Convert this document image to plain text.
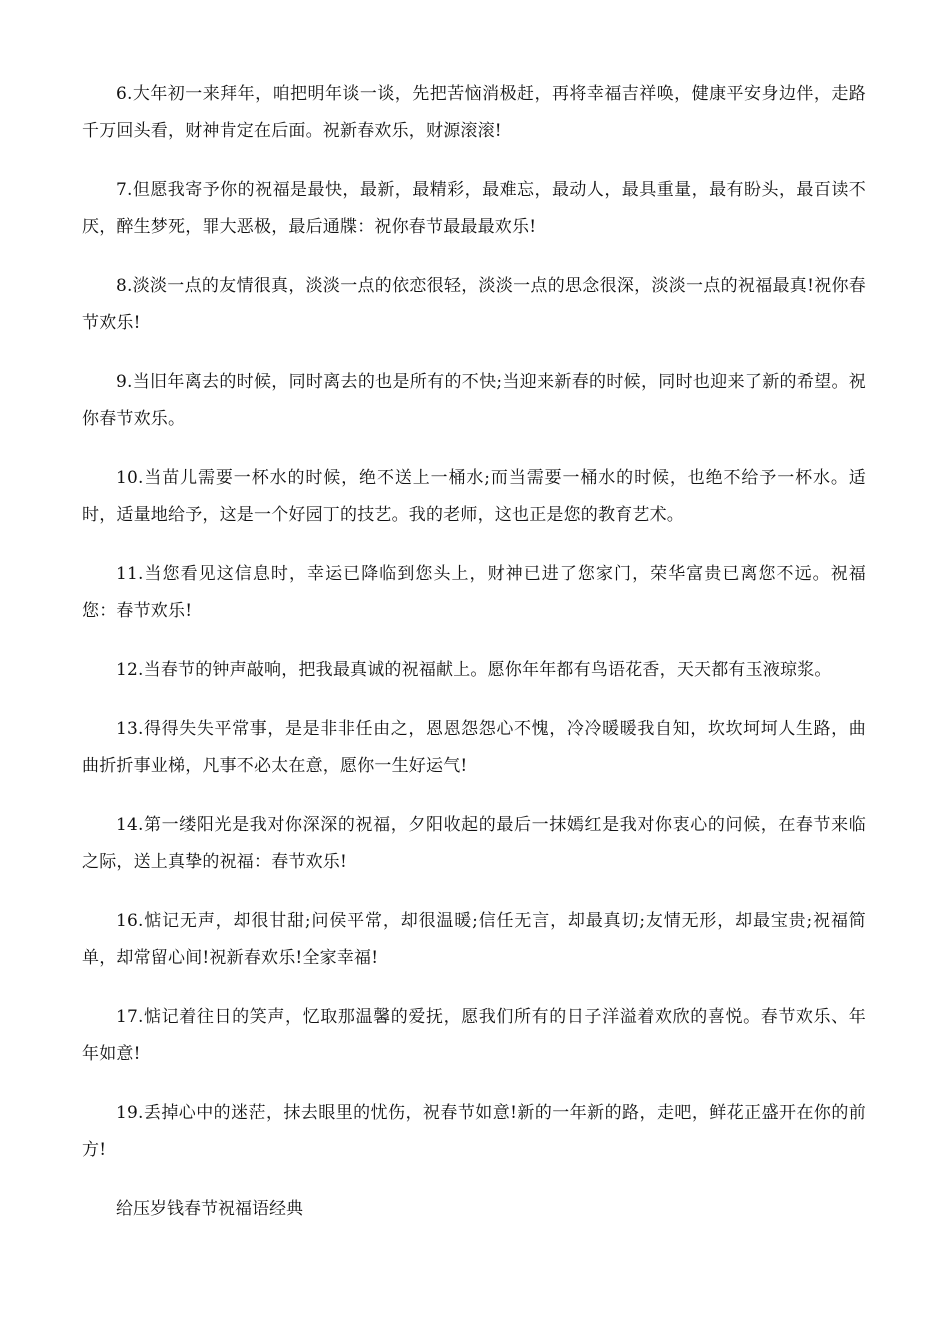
6.大年初一来拜年，咱把明年谈一谈，先把苦恼消极赶，再将幸福吉祥唤，健康平安身边伴，走路千万回头看，财神肯定在后面。祝新春欢乐，财源滚滚!

7.但愿我寄予你的祝福是最快，最新，最精彩，最难忘，最动人，最具重量，最有盼头，最百读不厌，醉生梦死，罪大恶极，最后通牒：祝你春节最最最欢乐!

8.淡淡一点的友情很真，淡淡一点的依恋很轻，淡淡一点的思念很深，淡淡一点的祝福最真!祝你春节欢乐!

9.当旧年离去的时候，同时离去的也是所有的不快;当迎来新春的时候，同时也迎来了新的希望。祝你春节欢乐。

10.当苗儿需要一杯水的时候，绝不送上一桶水;而当需要一桶水的时候，也绝不给予一杯水。适时，适量地给予，这是一个好园丁的技艺。我的老师，这也正是您的教育艺术。

11.当您看见这信息时，幸运已降临到您头上，财神已进了您家门，荣华富贵已离您不远。祝福您：春节欢乐!

12.当春节的钟声敲响，把我最真诚的祝福献上。愿你年年都有鸟语花香，天天都有玉液琼浆。

13.得得失失平常事，是是非非任由之，恩恩怨怨心不愧，冷冷暖暖我自知，坎坎坷坷人生路，曲曲折折事业梯，凡事不必太在意，愿你一生好运气!

14.第一缕阳光是我对你深深的祝福，夕阳收起的最后一抹嫣红是我对你衷心的问候，在春节来临之际，送上真挚的祝福：春节欢乐!

16.惦记无声，却很甘甜;问侯平常，却很温暖;信任无言，却最真切;友情无形，却最宝贵;祝福简单，却常留心间!祝新春欢乐!全家幸福!

17.惦记着往日的笑声，忆取那温馨的爱抚，愿我们所有的日子洋溢着欢欣的喜悦。春节欢乐、年年如意!

19.丢掉心中的迷茫，抹去眼里的忧伤，祝春节如意!新的一年新的路，走吧，鲜花正盛开在你的前方!

给压岁钱春节祝福语经典
